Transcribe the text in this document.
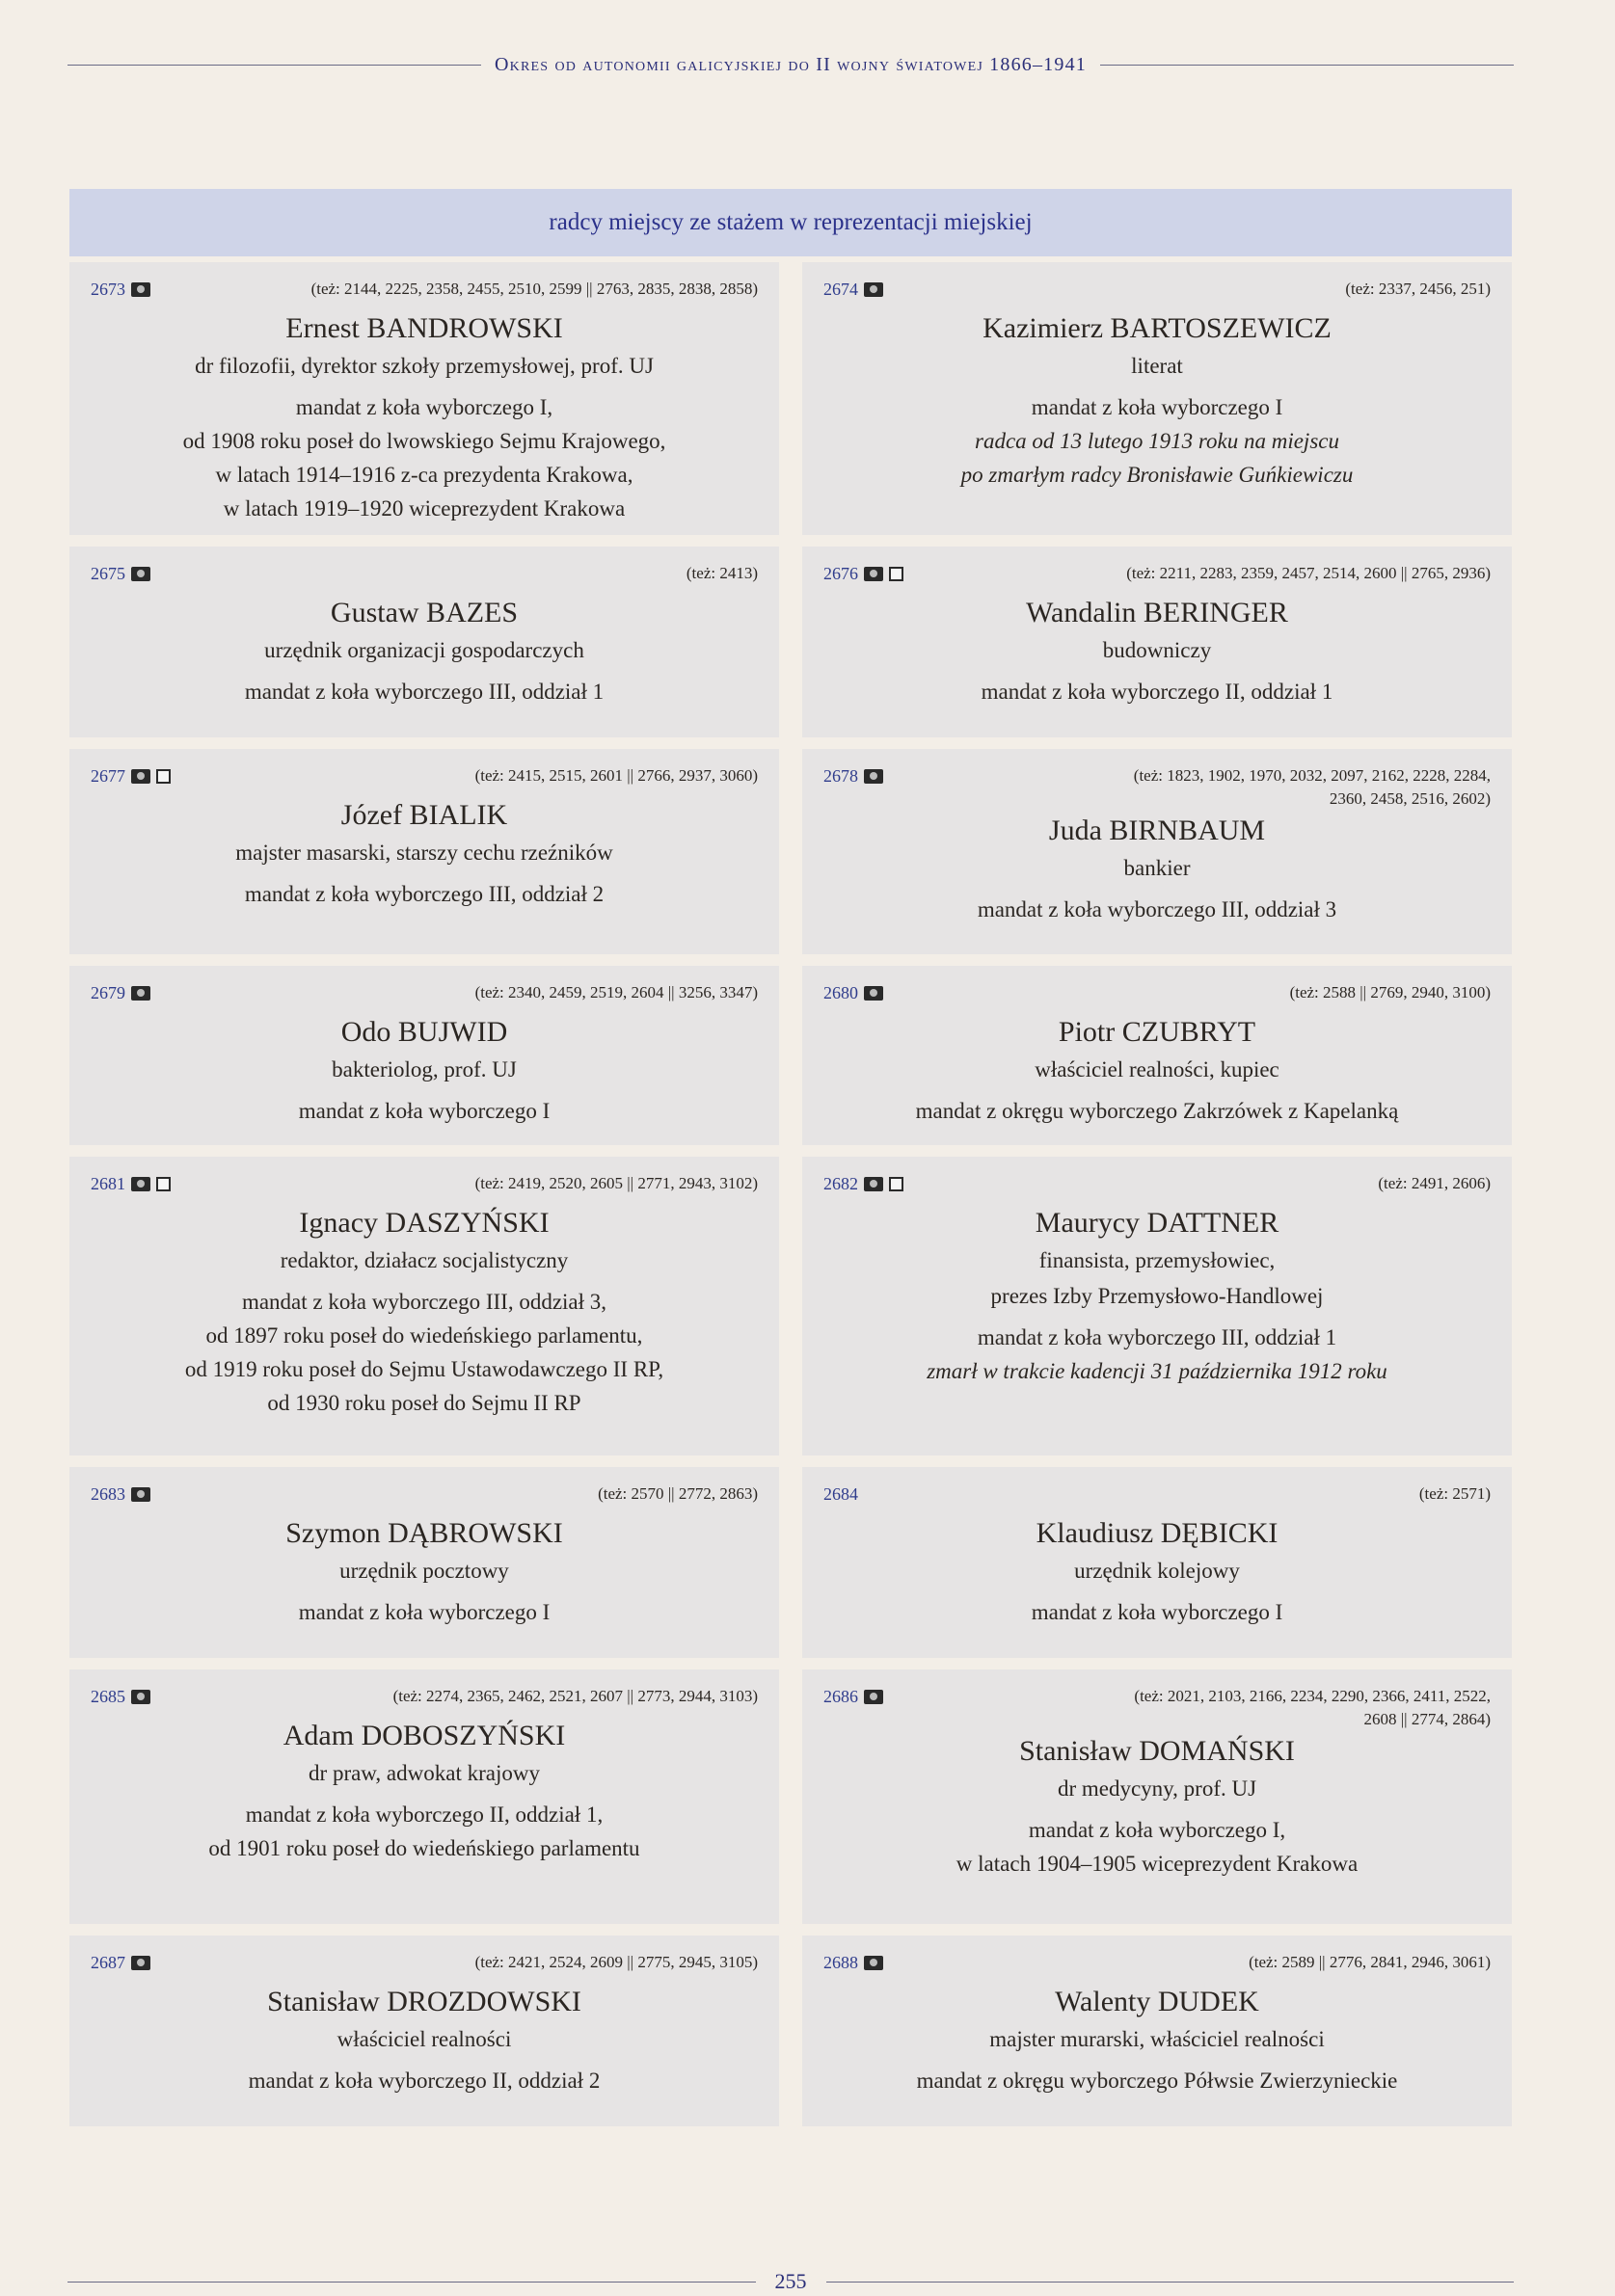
Okres od autonomii galicyjskiej do II wojny światowej 1866–1941
radcy miejscy ze stażem w reprezentacji miejskiej
2673	(też: 2144, 2225, 2358, 2455, 2510, 2599 || 2763, 2835, 2838, 2858)
Ernest BANDROWSKI
dr filozofii, dyrektor szkoły przemysłowej, prof. UJ
mandat z koła wyborczego I,
od 1908 roku poseł do lwowskiego Sejmu Krajowego,
w latach 1914–1916 z-ca prezydenta Krakowa,
w latach 1919–1920 wiceprezydent Krakowa
2674	(też: 2337, 2456, 251)
Kazimierz BARTOSZEWICZ
literat
mandat z koła wyborczego I
radca od 13 lutego 1913 roku na miejscu
po zmarłym radcy Bronisławie Guńkiewiczu
2675	(też: 2413)
Gustaw BAZES
urzędnik organizacji gospodarczych
mandat z koła wyborczego III, oddział 1
2676	(też: 2211, 2283, 2359, 2457, 2514, 2600 || 2765, 2936)
Wandalin BERINGER
budowniczy
mandat z koła wyborczego II, oddział 1
2677	(też: 2415, 2515, 2601 || 2766, 2937, 3060)
Józef BIALIK
majster masarski, starszy cechu rzeźników
mandat z koła wyborczego III, oddział 2
2678	(też: 1823, 1902, 1970, 2032, 2097, 2162, 2228, 2284, 2360, 2458, 2516, 2602)
Juda BIRNBAUM
bankier
mandat z koła wyborczego III, oddział 3
2679	(też: 2340, 2459, 2519, 2604 || 3256, 3347)
Odo BUJWID
bakteriolog, prof. UJ
mandat z koła wyborczego I
2680	(też: 2588 || 2769, 2940, 3100)
Piotr CZUBRYT
właściciel realności, kupiec
mandat z okręgu wyborczego Zakrzówek z Kapelanką
2681	(też: 2419, 2520, 2605 || 2771, 2943, 3102)
Ignacy DASZYŃSKI
redaktor, działacz socjalistyczny
mandat z koła wyborczego III, oddział 3,
od 1897 roku poseł do wiedeńskiego parlamentu,
od 1919 roku poseł do Sejmu Ustawodawczego II RP,
od 1930 roku poseł do Sejmu II RP
2682	(też: 2491, 2606)
Maurycy DATTNER
finansista, przemysłowiec,
prezes Izby Przemysłowo-Handlowej
mandat z koła wyborczego III, oddział 1
zmarł w trakcie kadencji 31 października 1912 roku
2683	(też: 2570 || 2772, 2863)
Szymon DĄBROWSKI
urzędnik pocztowy
mandat z koła wyborczego I
2684	(też: 2571)
Klaudiusz DĘBICKI
urzędnik kolejowy
mandat z koła wyborczego I
2685	(też: 2274, 2365, 2462, 2521, 2607 || 2773, 2944, 3103)
Adam DOBOSZYŃSKI
dr praw, adwokat krajowy
mandat z koła wyborczego II, oddział 1,
od 1901 roku poseł do wiedeńskiego parlamentu
2686	(też: 2021, 2103, 2166, 2234, 2290, 2366, 2411, 2522, 2608 || 2774, 2864)
Stanisław DOMAŃSKI
dr medycyny, prof. UJ
mandat z koła wyborczego I,
w latach 1904–1905 wiceprezydent Krakowa
2687	(też: 2421, 2524, 2609 || 2775, 2945, 3105)
Stanisław DROZDOWSKI
właściciel realności
mandat z koła wyborczego II, oddział 2
2688	(też: 2589 || 2776, 2841, 2946, 3061)
Walenty DUDEK
majster murarski, właściciel realności
mandat z okręgu wyborczego Półwsie Zwierzynieckie
255
